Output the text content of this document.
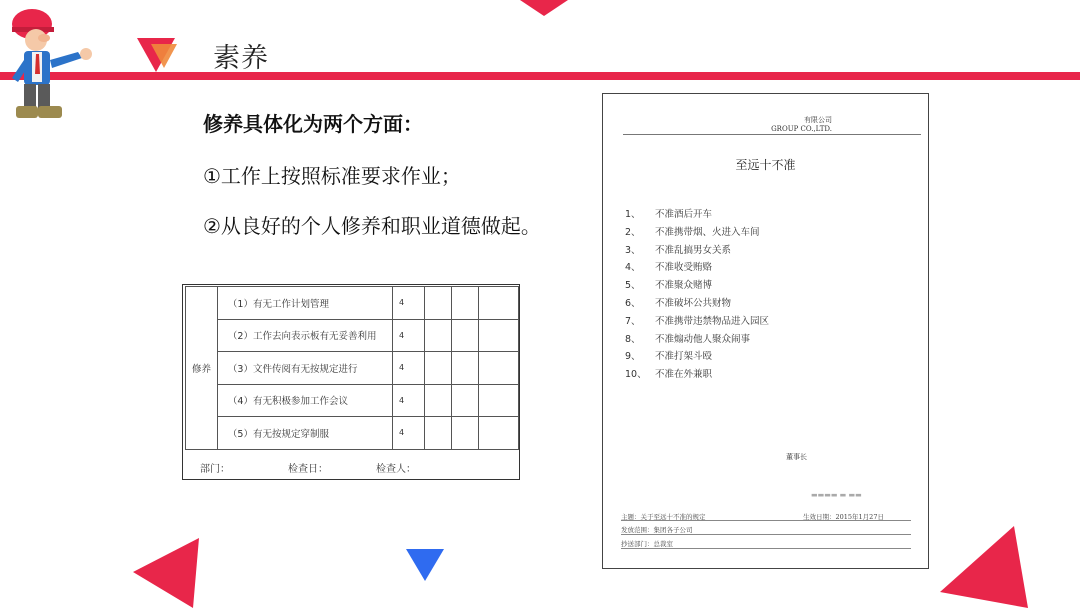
素养
修养具体化为两个方面：
①工作上按照标准要求作业；
②从良好的个人修养和职业道德做起。
修养	（1）有无工作计划管理	4			
	（2）工作去向表示板有无妥善利用	4			
	（3）文件传阅有无按规定进行	4			
	（4）有无积极参加工作会议	4			
	（5）有无按规定穿制服	4			
部门：	检查日：	检查人：
有限公司
GROUP CO.,LTD.
至远十不准
1、 不准酒后开车
2、 不准携带烟、火进入车间
3、 不准乱搞男女关系
4、 不准收受贿赂
5、 不准聚众赌博
6、 不准破坏公共财物
7、 不准携带违禁物品进入园区
8、 不准煽动他人聚众闹事
9、 不准打架斗殴
10、 不准在外兼职
董事长
▬▬▬▬ ▬ ▬▬
主题：关于至远十不准的规定	生效日期：2015年1月27日
发放范围：集团各子公司
抄送部门：总裁室
